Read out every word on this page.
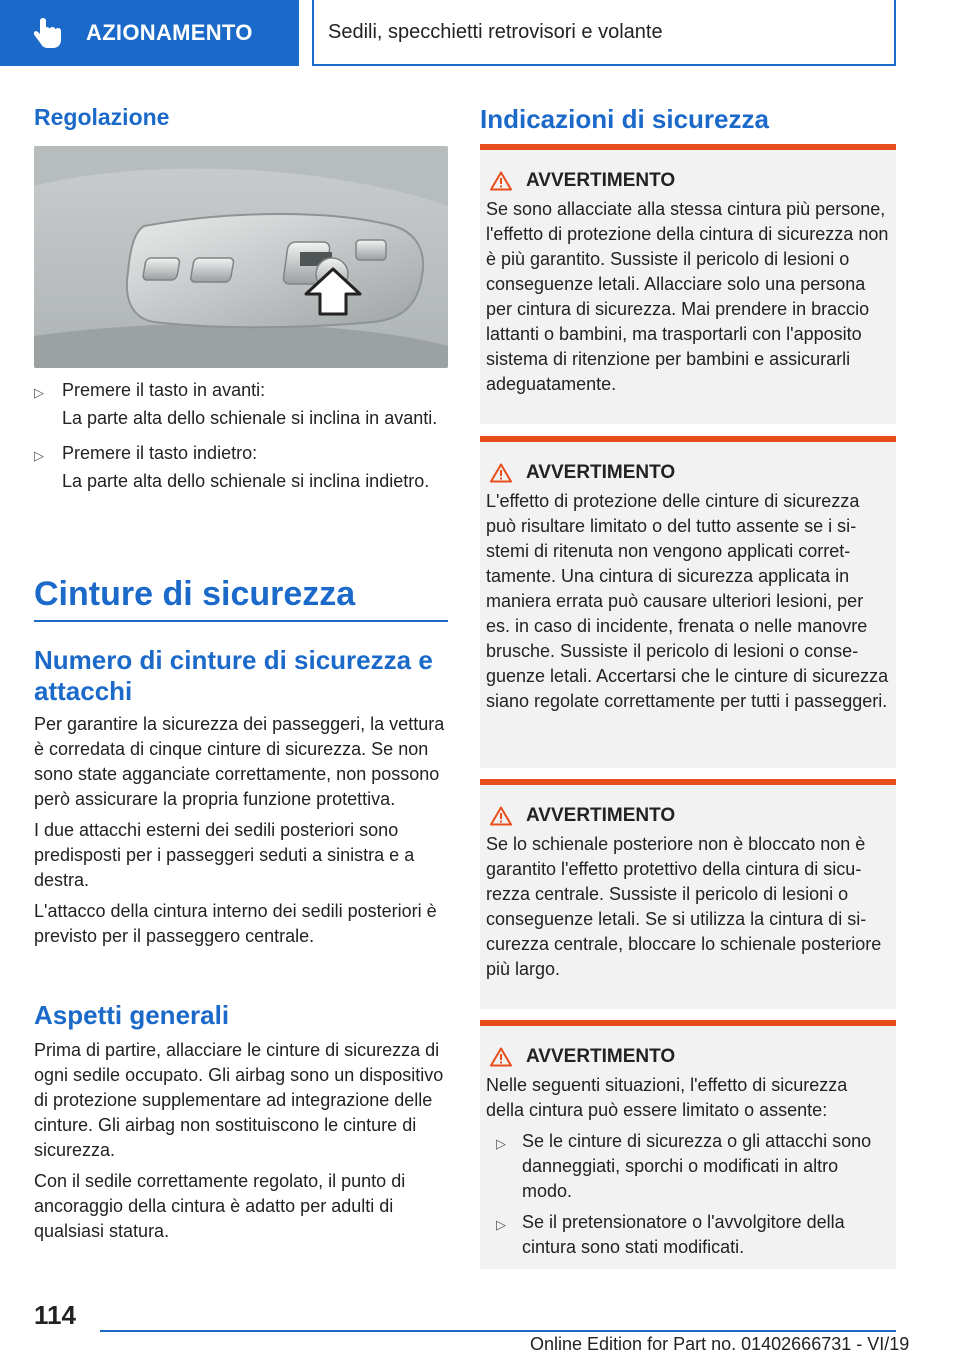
AZIONAMENTO	Sedili, specchietti retrovisori e volante
Regolazione
▷ Premere il tasto in avanti:
La parte alta dello schienale si inclina in avanti.
▷ Premere il tasto indietro:
La parte alta dello schienale si inclina indietro.
Cinture di sicurezza
Numero di cinture di sicurezza e attacchi

Per garantire la sicurezza dei passeggeri, la vettura è corredata di cinque cinture di sicurezza. Se non sono state agganciate correttamente, non possono però assicurare la propria funzione protettiva.

I due attacchi esterni dei sedili posteriori sono predisposti per i passeggeri seduti a sinistra e a destra.

L'attacco della cintura interno dei sedili posteriori è previsto per il passeggero centrale.

Aspetti generali

Prima di partire, allacciare le cinture di sicurezza di ogni sedile occupato. Gli airbag sono un dispositivo di protezione supplementare ad integrazione delle cinture. Gli airbag non sostituiscono le cinture di sicurezza.

Con il sedile correttamente regolato, il punto di ancoraggio della cintura è adatto per adulti di qualsiasi statura.

Indicazioni di sicurezza
AVVERTIMENTO
Se sono allacciate alla stessa cintura più persone, l'effetto di protezione della cintura di sicurezza non è più garantito. Sussiste il pericolo di lesioni o conseguenze letali. Allacciare solo una persona per cintura di sicurezza. Mai prendere in braccio lattanti o bambini, ma trasportarli con l'apposito sistema di ritenzione per bambini e assicurarli adeguatamente.
AVVERTIMENTO
L'effetto di protezione delle cinture di sicurezza può risultare limitato o del tutto assente se i sistemi di ritenuta non vengono applicati correttamente. Una cintura di sicurezza applicata in maniera errata può causare ulteriori lesioni, per es. in caso di incidente, frenata o nelle manovre brusche. Sussiste il pericolo di lesioni o conseguenze letali. Accertarsi che le cinture di sicurezza siano regolate correttamente per tutti i passeggeri.
AVVERTIMENTO
Se lo schienale posteriore non è bloccato non è garantito l'effetto protettivo della cintura di sicurezza centrale. Sussiste il pericolo di lesioni o conseguenze letali. Se si utilizza la cintura di sicurezza centrale, bloccare lo schienale posteriore più largo.
AVVERTIMENTO
Nelle seguenti situazioni, l'effetto di sicurezza della cintura può essere limitato o assente:
▷ Se le cinture di sicurezza o gli attacchi sono danneggiati, sporchi o modificati in altro modo.
▷ Se il pretensionatore o l'avvolgitore della cintura sono stati modificati.
114
Online Edition for Part no. 01402666731 - VI/19
